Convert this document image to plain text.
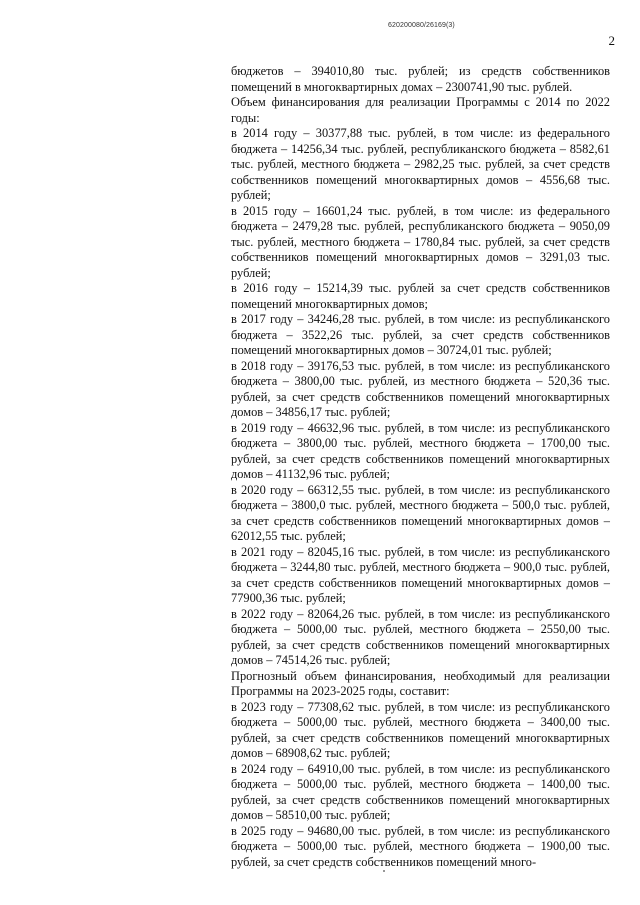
620200080/26169(3)
2

бюджетов – 394010,80 тыс. рублей; из средств собственников помещений в многоквартирных домах – 2300741,90 тыс. рублей.

Объем финансирования для реализации Программы с 2014 по 2022 годы:

в 2014 году – 30377,88 тыс. рублей, в том числе: из федерального бюджета – 14256,34 тыс. рублей, республиканского бюджета – 8582,61 тыс. рублей, местного бюджета – 2982,25 тыс. рублей, за счет средств собственников помещений многоквартирных домов – 4556,68 тыс. рублей;

в 2015 году – 16601,24 тыс. рублей, в том числе: из федерального бюджета – 2479,28 тыс. рублей, республиканского бюджета – 9050,09 тыс. рублей, местного бюджета – 1780,84 тыс. рублей, за счет средств собственников помещений многоквартирных домов – 3291,03 тыс. рублей;

в 2016 году – 15214,39 тыс. рублей за счет средств собственников помещений многоквартирных домов;

в 2017 году – 34246,28 тыс. рублей, в том числе: из республиканского бюджета – 3522,26 тыс. рублей, за счет средств собственников помещений многоквартирных домов – 30724,01 тыс. рублей;

в 2018 году – 39176,53 тыс. рублей, в том числе: из республиканского бюджета – 3800,00 тыс. рублей, из местного бюджета – 520,36 тыс. рублей, за счет средств собственников помещений многоквартирных домов – 34856,17 тыс. рублей;

в 2019 году – 46632,96 тыс. рублей, в том числе: из республиканского бюджета – 3800,00 тыс. рублей, местного бюджета – 1700,00 тыс. рублей, за счет средств собственников помещений многоквартирных домов – 41132,96 тыс. рублей;

в 2020 году – 66312,55 тыс. рублей, в том числе: из республиканского бюджета – 3800,0 тыс. рублей, местного бюджета – 500,0 тыс. рублей, за счет средств собственников помещений многоквартирных домов – 62012,55 тыс. рублей;

в 2021 году – 82045,16 тыс. рублей, в том числе: из республиканского бюджета – 3244,80 тыс. рублей, местного бюджета – 900,0 тыс. рублей, за счет средств собственников помещений многоквартирных домов – 77900,36 тыс. рублей;

в 2022 году – 82064,26 тыс. рублей, в том числе: из республиканского бюджета – 5000,00 тыс. рублей, местного бюджета – 2550,00 тыс. рублей, за счет средств собственников помещений многоквартирных домов – 74514,26 тыс. рублей;

Прогнозный объем финансирования, необходимый для реализации Программы на 2023-2025 годы, составит:

в 2023 году – 77308,62 тыс. рублей, в том числе: из республиканского бюджета – 5000,00 тыс. рублей, местного бюджета – 3400,00 тыс. рублей, за счет средств собственников помещений многоквартирных домов – 68908,62 тыс. рублей;

в 2024 году – 64910,00 тыс. рублей, в том числе: из республиканского бюджета – 5000,00 тыс. рублей, местного бюджета – 1400,00 тыс. рублей, за счет средств собственников помещений многоквартирных домов – 58510,00 тыс. рублей;

в 2025 году – 94680,00 тыс. рублей, в том числе: из республиканского бюджета – 5000,00 тыс. рублей, местного бюджета – 1900,00 тыс. рублей, за счет средств собственников помещений много-
